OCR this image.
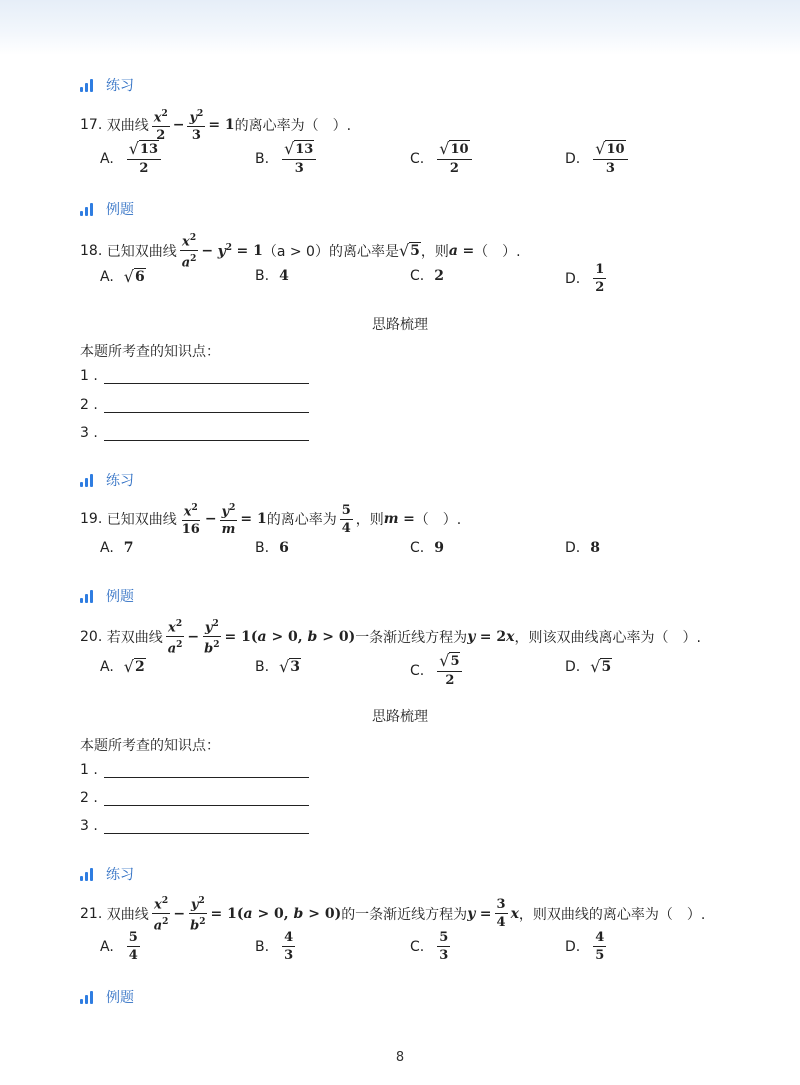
练习
17.
双曲线 $\frac{x^2}{2} - \frac{y^2}{3} = 1$ 的离心率为（　）.
A. $\frac{√ 13}{2}$	B. $\frac{√ 13}{3}$	C. $\frac{√ 10}{2}$	D. $\frac{√ 10}{3}$
例题
18.
已知双曲线 $\frac{x^2}{a^2}$ −
$y^2$
= 1 （a > 0） 的离心率是 √ 5 ，则 a
= （　）.
A. √ 6	B. 4	C. 2	D. $\frac{1}{2}$
思路梳理
本题所考查的知识点：
1 .
2 .
3 .
练习
19.
已知双曲线 $\frac{x^2}{16} - \frac{y^2}{m} = 1$ 的离心率为 $\frac{5}{4}$ ，则 m
= （　）.
A. 7	B. 6	C. 9	D. 8
例题
20.
若双曲线 $\frac{x^2}{a^2} - \frac{y^2}{b^2} = 1(a > 0$, b > 0) 一条渐近线方程为 y
= 2 x ，则该双曲线离心率为（　）.
A. √ 2	B. √ 3	C. $\frac{√ 5}{2}$	D. √ 5
思路梳理
本题所考查的知识点：
1 .
2 .
3 .
练习
21.
双曲线 $\frac{x^2}{a^2} - \frac{y^2}{b^2} = 1(a > 0$, b > 0) 的一条渐近线方程为 y
= $\frac{3}{4}$ x ，则双曲线的离心率为（　）.
A. $\frac{5}{4}$	B. $\frac{4}{3}$	C. $\frac{5}{3}$	D. $\frac{4}{5}$
例题
8
